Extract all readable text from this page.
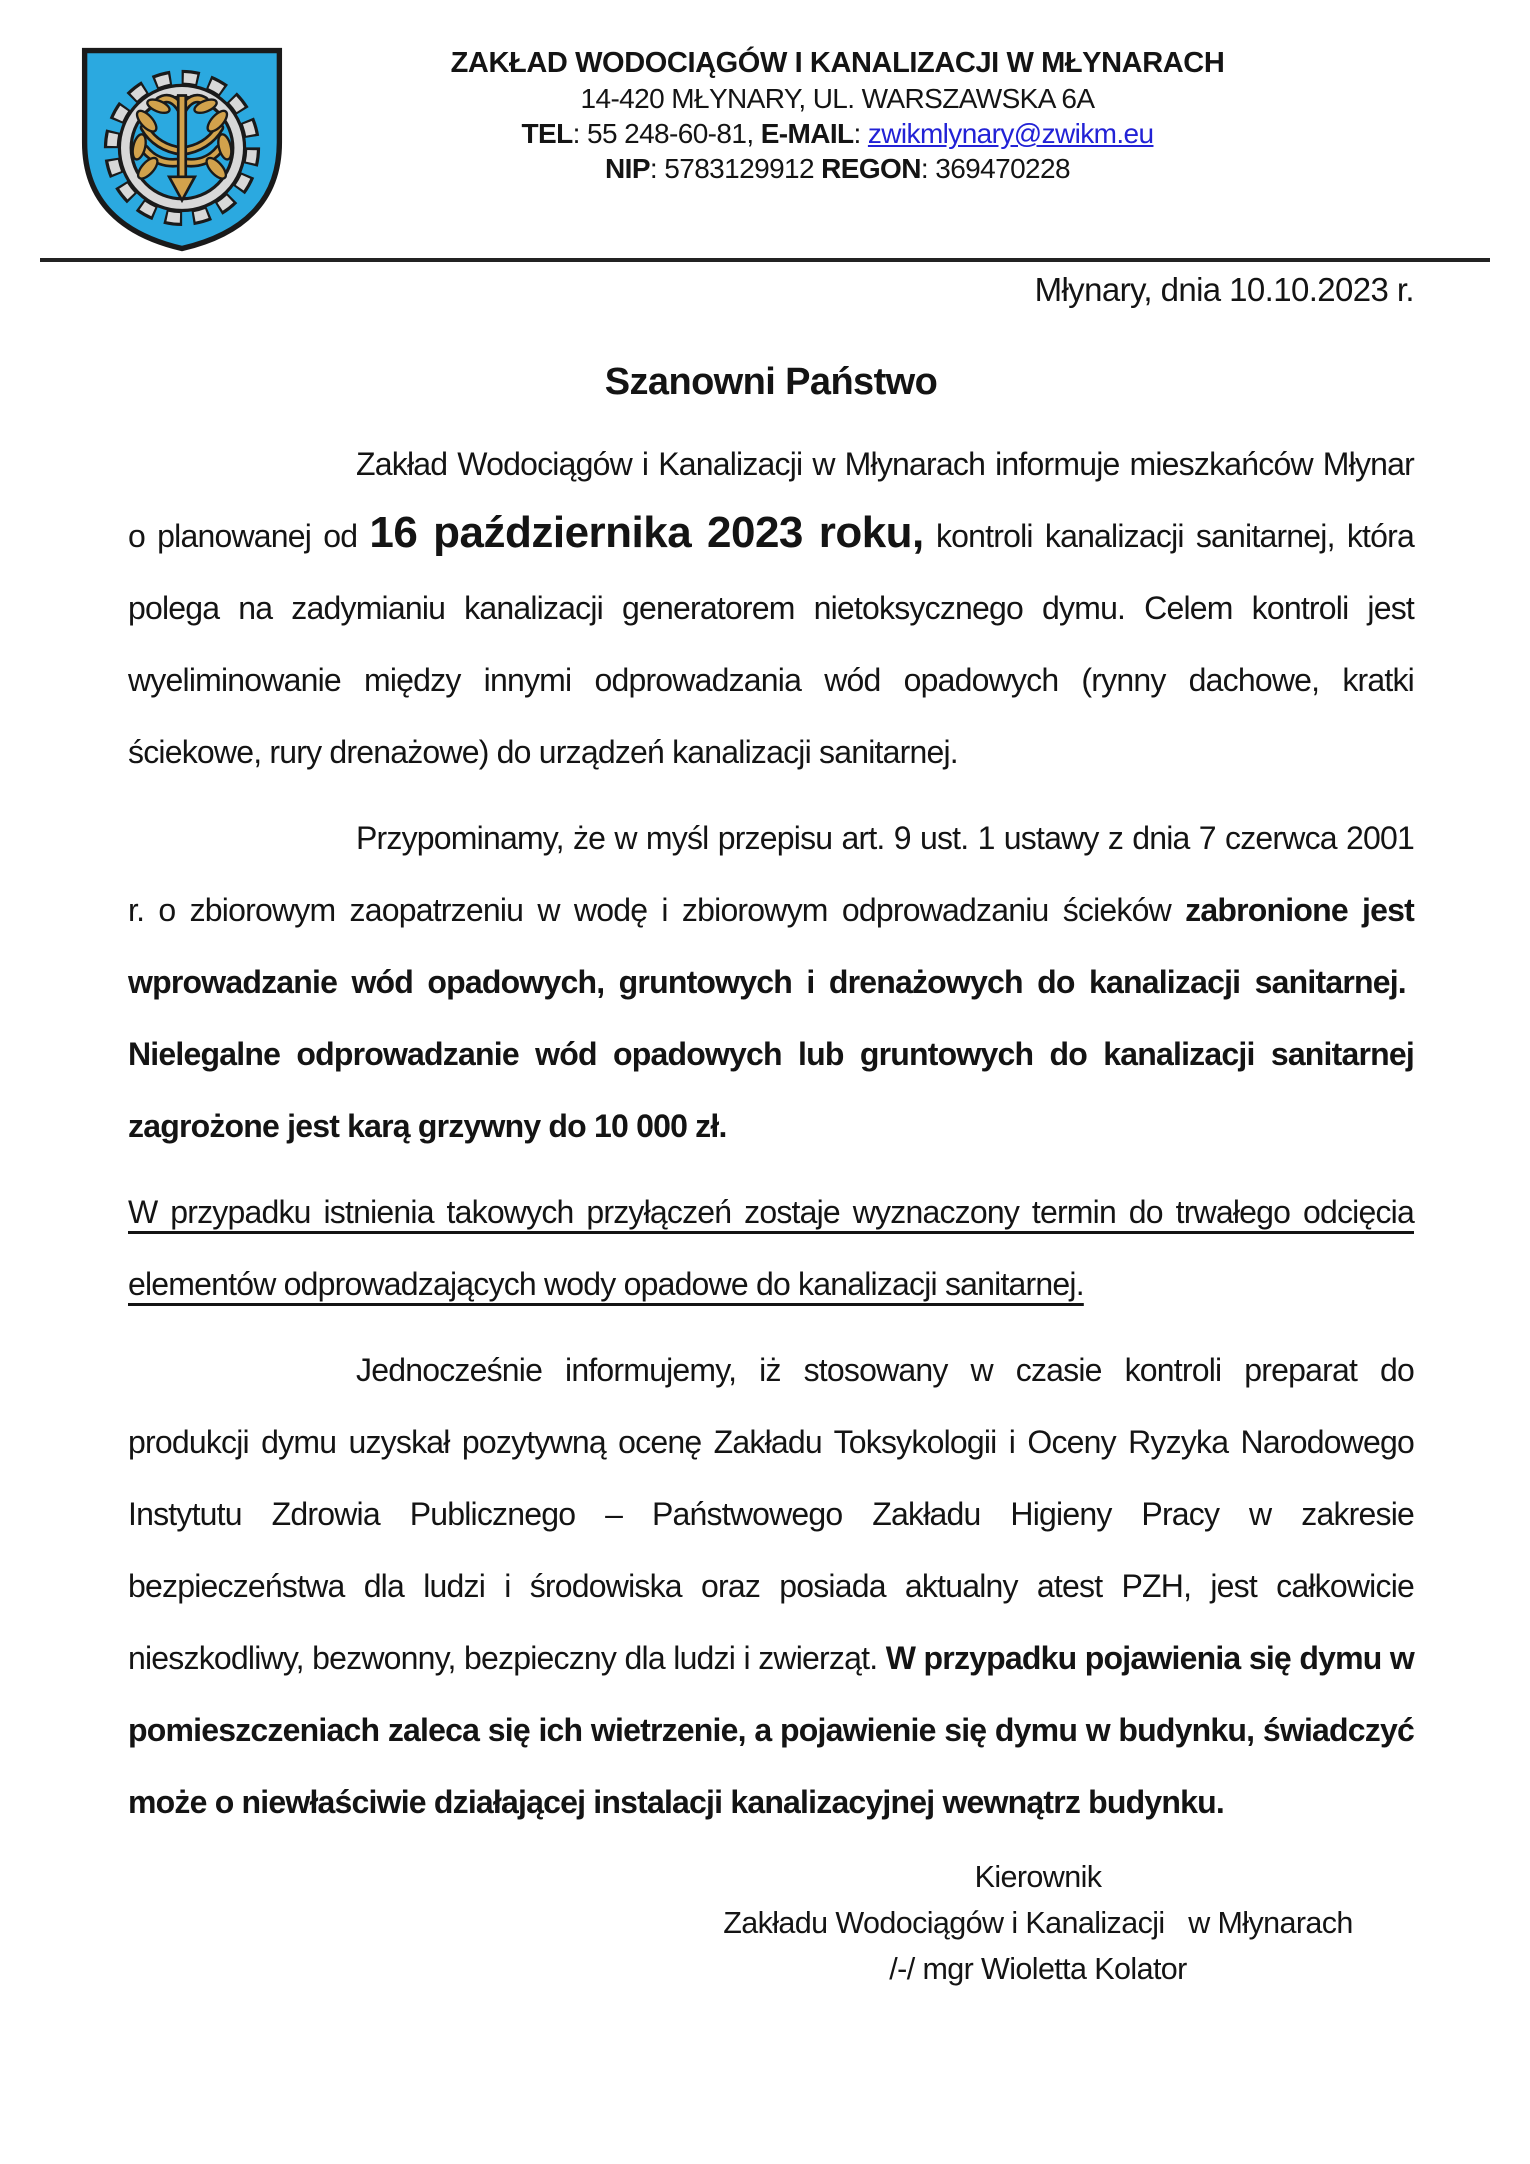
ZAKŁAD WODOCIĄGÓW I KANALIZACJI W MŁYNARACH
14-420 MŁYNARY, UL. WARSZAWSKA 6A
TEL: 55 248-60-81, E-MAIL: zwikmlynary@zwikm.eu
NIP: 5783129912 REGON: 369470228
Młynary, dnia 10.10.2023 r.
Szanowni Państwo

Zakład Wodociągów i Kanalizacji w Młynarach informuje mieszkańców Młynar o planowanej od 16 października 2023 roku, kontroli kanalizacji sanitarnej, która polega na zadymianiu kanalizacji generatorem nietoksycznego dymu. Celem kontroli jest wyeliminowanie między innymi odprowadzania wód opadowych (rynny dachowe, kratki ściekowe, rury drenażowe) do urządzeń kanalizacji sanitarnej.

Przypominamy, że w myśl przepisu art. 9 ust. 1 ustawy z dnia 7 czerwca 2001 r. o zbiorowym zaopatrzeniu w wodę i zbiorowym odprowadzaniu ścieków zabronione jest wprowadzanie wód opadowych, gruntowych i drenażowych do kanalizacji sanitarnej.  Nielegalne odprowadzanie wód opadowych lub gruntowych do kanalizacji sanitarnej zagrożone jest karą grzywny do 10 000 zł.

W przypadku istnienia takowych przyłączeń zostaje wyznaczony termin do trwałego odcięcia elementów odprowadzających wody opadowe do kanalizacji sanitarnej.

Jednocześnie informujemy, iż stosowany w czasie kontroli preparat do produkcji dymu uzyskał pozytywną ocenę Zakładu Toksykologii i Oceny Ryzyka Narodowego Instytutu Zdrowia Publicznego – Państwowego Zakładu Higieny Pracy w zakresie bezpieczeństwa dla ludzi i środowiska oraz posiada aktualny atest PZH, jest całkowicie nieszkodliwy, bezwonny, bezpieczny dla ludzi i zwierząt. W przypadku pojawienia się dymu w pomieszczeniach zaleca się ich wietrzenie, a pojawienie się dymu w budynku, świadczyć może o niewłaściwie działającej instalacji kanalizacyjnej wewnątrz budynku.

Kierownik
Zakładu Wodociągów i Kanalizacji   w Młynarach
/-/ mgr Wioletta Kolator
